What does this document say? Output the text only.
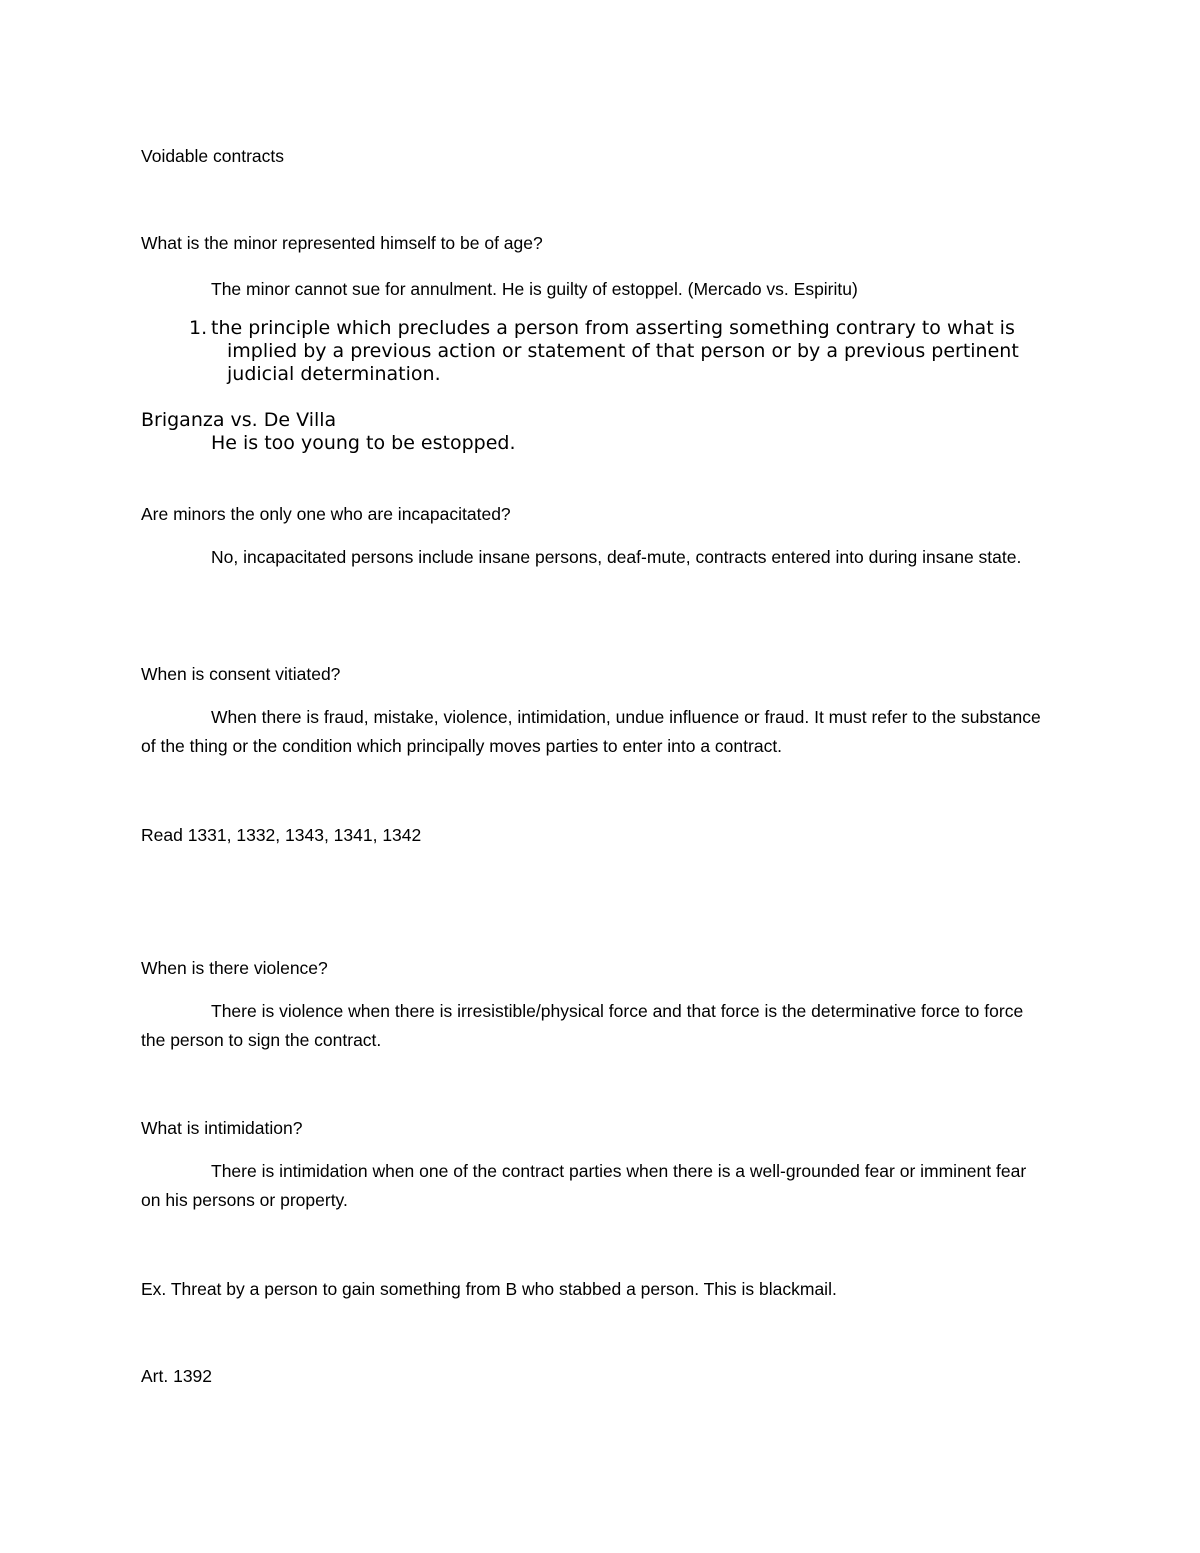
Voidable contracts
What is the minor represented himself to be of age?
The minor cannot sue for annulment. He is guilty of estoppel. (Mercado vs. Espiritu)
1. the principle which precludes a person from asserting something contrary to what is implied by a previous action or statement of that person or by a previous pertinent judicial determination.
Briganza vs. De Villa
He is too young to be estopped.
Are minors the only one who are incapacitated?
No, incapacitated persons include insane persons, deaf-mute, contracts entered into during insane state.
When is consent vitiated?
When there is fraud, mistake, violence, intimidation, undue influence or fraud. It must refer to the substance of the thing or the condition which principally moves parties to enter into a contract.
Read 1331, 1332, 1343, 1341, 1342
When is there violence?
There is violence when there is irresistible/physical force and that force is the determinative force to force the person to sign the contract.
What is intimidation?
There is intimidation when one of the contract parties when there is a well-grounded fear or imminent fear on his persons or property.
Ex. Threat by a person to gain something from B who stabbed a person. This is blackmail.
Art. 1392
